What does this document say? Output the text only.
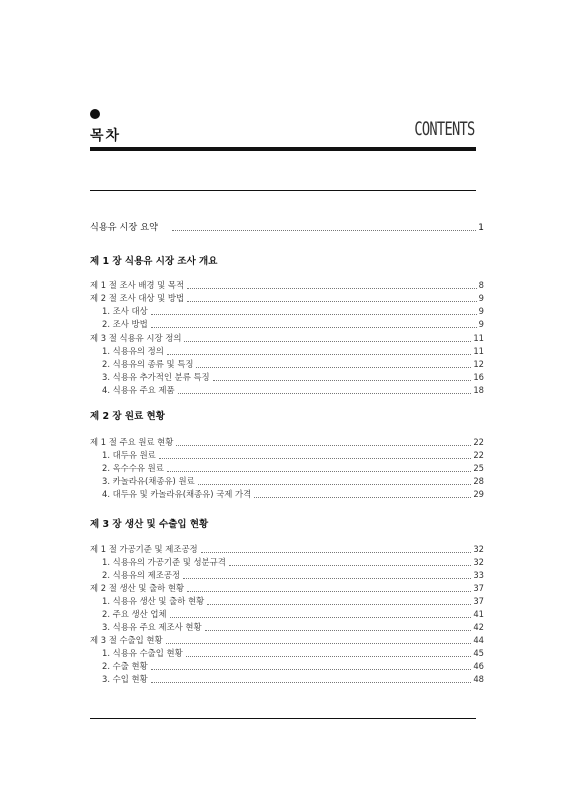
목차	CONTENTS
식용유 시장 요약	1
제 1 장 식용유 시장 조사 개요
제 1 절 조사 배경 및 목적	8
제 2 절 조사 대상 및 방법	9
1. 조사 대상	9
2. 조사 방법	9
제 3 절 식용유 시장 정의	11
1. 식용유의 정의	11
2. 식용유의 종류 및 특징	12
3. 식용유 추가적인 분류 특징	16
4. 식용유 주요 제품	18
제 2 장 원료 현황
제 1 절 주요 원료 현황	22
1. 대두유 원료	22
2. 옥수수유 원료	25
3. 카놀라유(채종유) 원료	28
4. 대두유 및 카놀라유(채종유) 국제 가격	29
제 3 장 생산 및 수출입 현황
제 1 절 가공기준 및 제조공정	32
1. 식용유의 가공기준 및 성분규격	32
2. 식용유의 제조공정	33
제 2 절 생산 및 출하 현황	37
1. 식용유 생산 및 출하 현황	37
2. 주요 생산 업체	41
3. 식용유 주요 제조사 현황	42
제 3 절 수출입 현황	44
1. 식용유 수출입 현황	45
2. 수출 현황	46
3. 수입 현황	48
